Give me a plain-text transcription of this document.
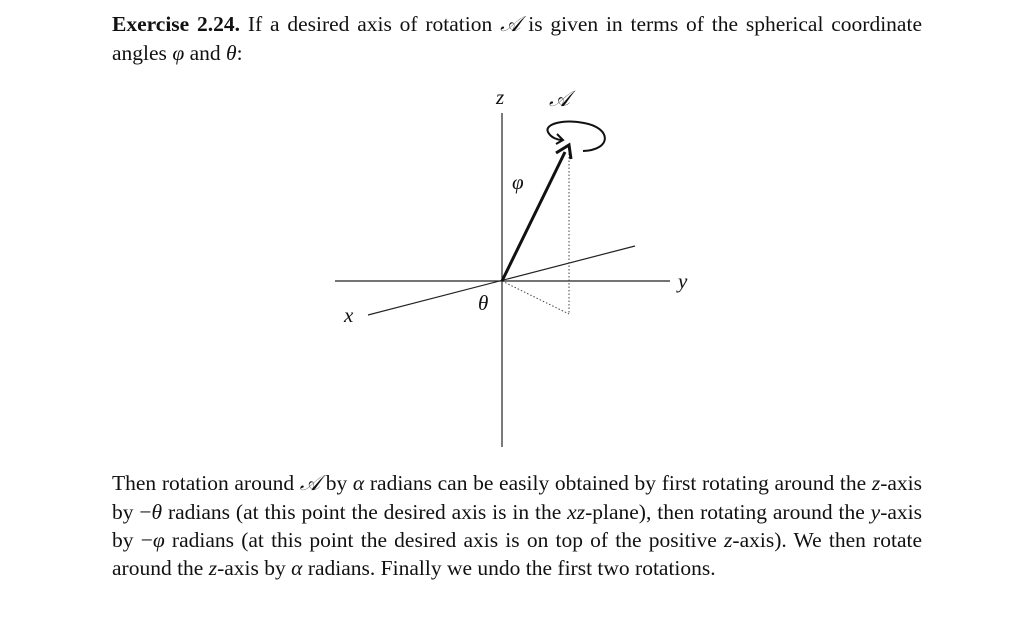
Exercise 2.24. If a desired axis of rotation 𝒜 is given in terms of the spherical coordinate angles φ and θ:

z 𝒜
φ
y
x	θ

Then rotation around 𝒜 by α radians can be easily obtained by first rotating around the z-axis by −θ radians (at this point the desired axis is in the xz-plane), then rotating around the y-axis by −φ radians (at this point the desired axis is on top of the positive z-axis). We then rotate around the z-axis by α radians. Finally we undo the first two rotations.
